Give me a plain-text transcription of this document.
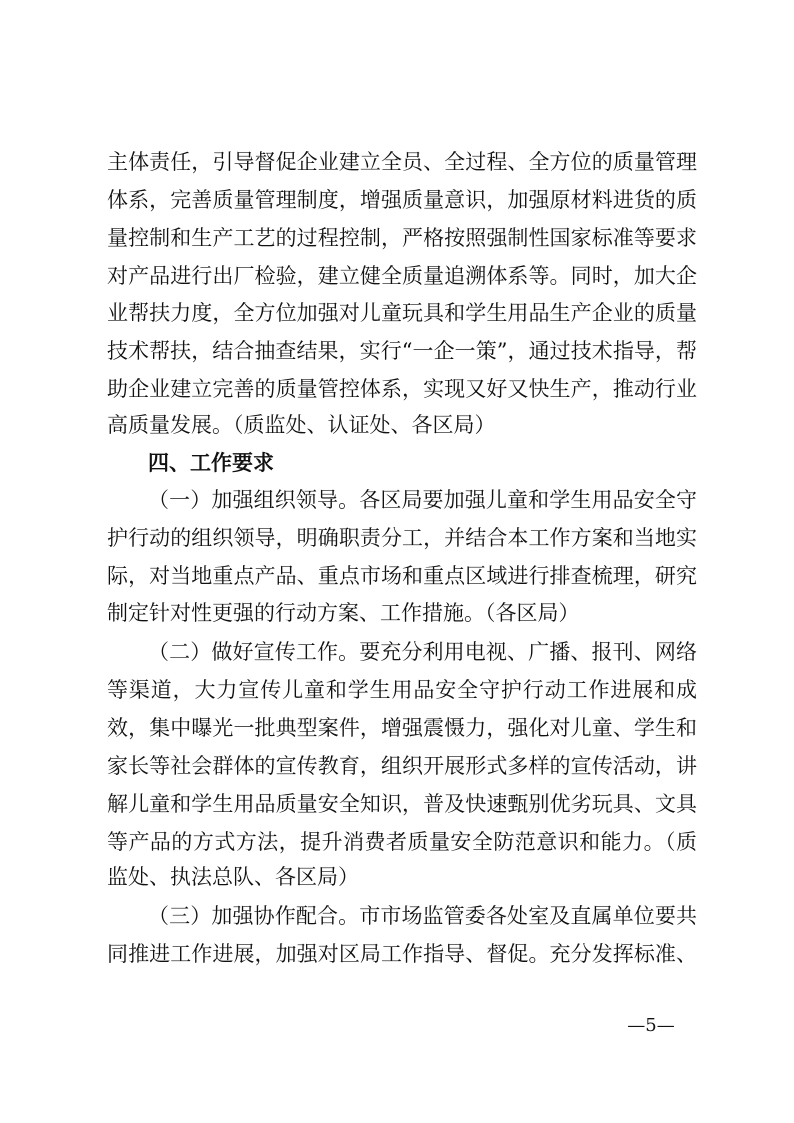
主体责任，引导督促企业建立全员、全过程、全方位的质量管理
体系，完善质量管理制度，增强质量意识，加强原材料进货的质
量控制和生产工艺的过程控制，严格按照强制性国家标准等要求
对产品进行出厂检验，建立健全质量追溯体系等。同时，加大企
业帮扶力度，全方位加强对儿童玩具和学生用品生产企业的质量
技术帮扶，结合抽查结果，实行“一企一策”，通过技术指导，帮
助企业建立完善的质量管控体系，实现又好又快生产，推动行业
高质量发展。（质监处、认证处、各区局）
四、工作要求
（一）加强组织领导。各区局要加强儿童和学生用品安全守
护行动的组织领导，明确职责分工，并结合本工作方案和当地实
际，对当地重点产品、重点市场和重点区域进行排查梳理，研究
制定针对性更强的行动方案、工作措施。（各区局）
（二）做好宣传工作。要充分利用电视、广播、报刊、网络
等渠道，大力宣传儿童和学生用品安全守护行动工作进展和成
效，集中曝光一批典型案件，增强震慑力，强化对儿童、学生和
家长等社会群体的宣传教育，组织开展形式多样的宣传活动，讲
解儿童和学生用品质量安全知识，普及快速甄别优劣玩具、文具
等产品的方式方法，提升消费者质量安全防范意识和能力。（质
监处、执法总队、各区局）
（三）加强协作配合。市市场监管委各处室及直属单位要共
同推进工作进展，加强对区局工作指导、督促。充分发挥标准、
—5—
